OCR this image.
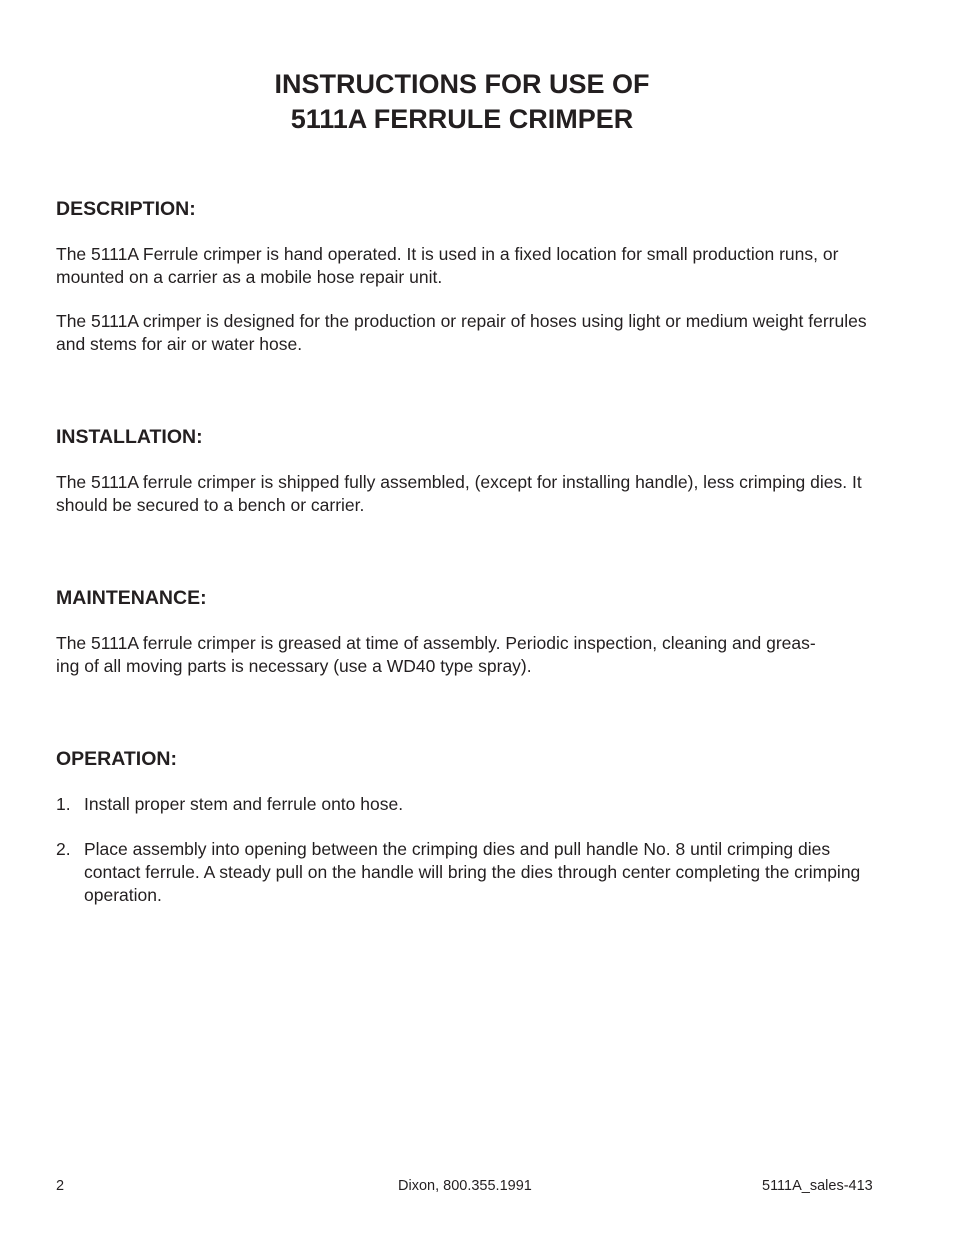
INSTRUCTIONS FOR USE OF
5111A FERRULE CRIMPER
DESCRIPTION:

The 5111A Ferrule crimper is hand operated. It is used in a fixed location for small production runs, or mounted on a carrier as a mobile hose repair unit.

The 5111A crimper is designed for the production or repair of hoses using light or medium weight ferrules and stems for air or water hose.

INSTALLATION:

The 5111A ferrule crimper is shipped fully assembled, (except for installing handle), less crimping dies. It should be secured to a bench or carrier.

MAINTENANCE:

The 5111A ferrule crimper is greased at time of assembly. Periodic inspection, cleaning and greas-
ing of all moving parts is necessary (use a WD40 type spray).

OPERATION:
1. Install proper stem and ferrule onto hose.
2. Place assembly into opening between the crimping dies and pull handle No. 8 until crimping dies contact ferrule. A steady pull on the handle will bring the dies through center completing the crimping operation.
2	Dixon, 800.355.1991	5111A_sales-413
